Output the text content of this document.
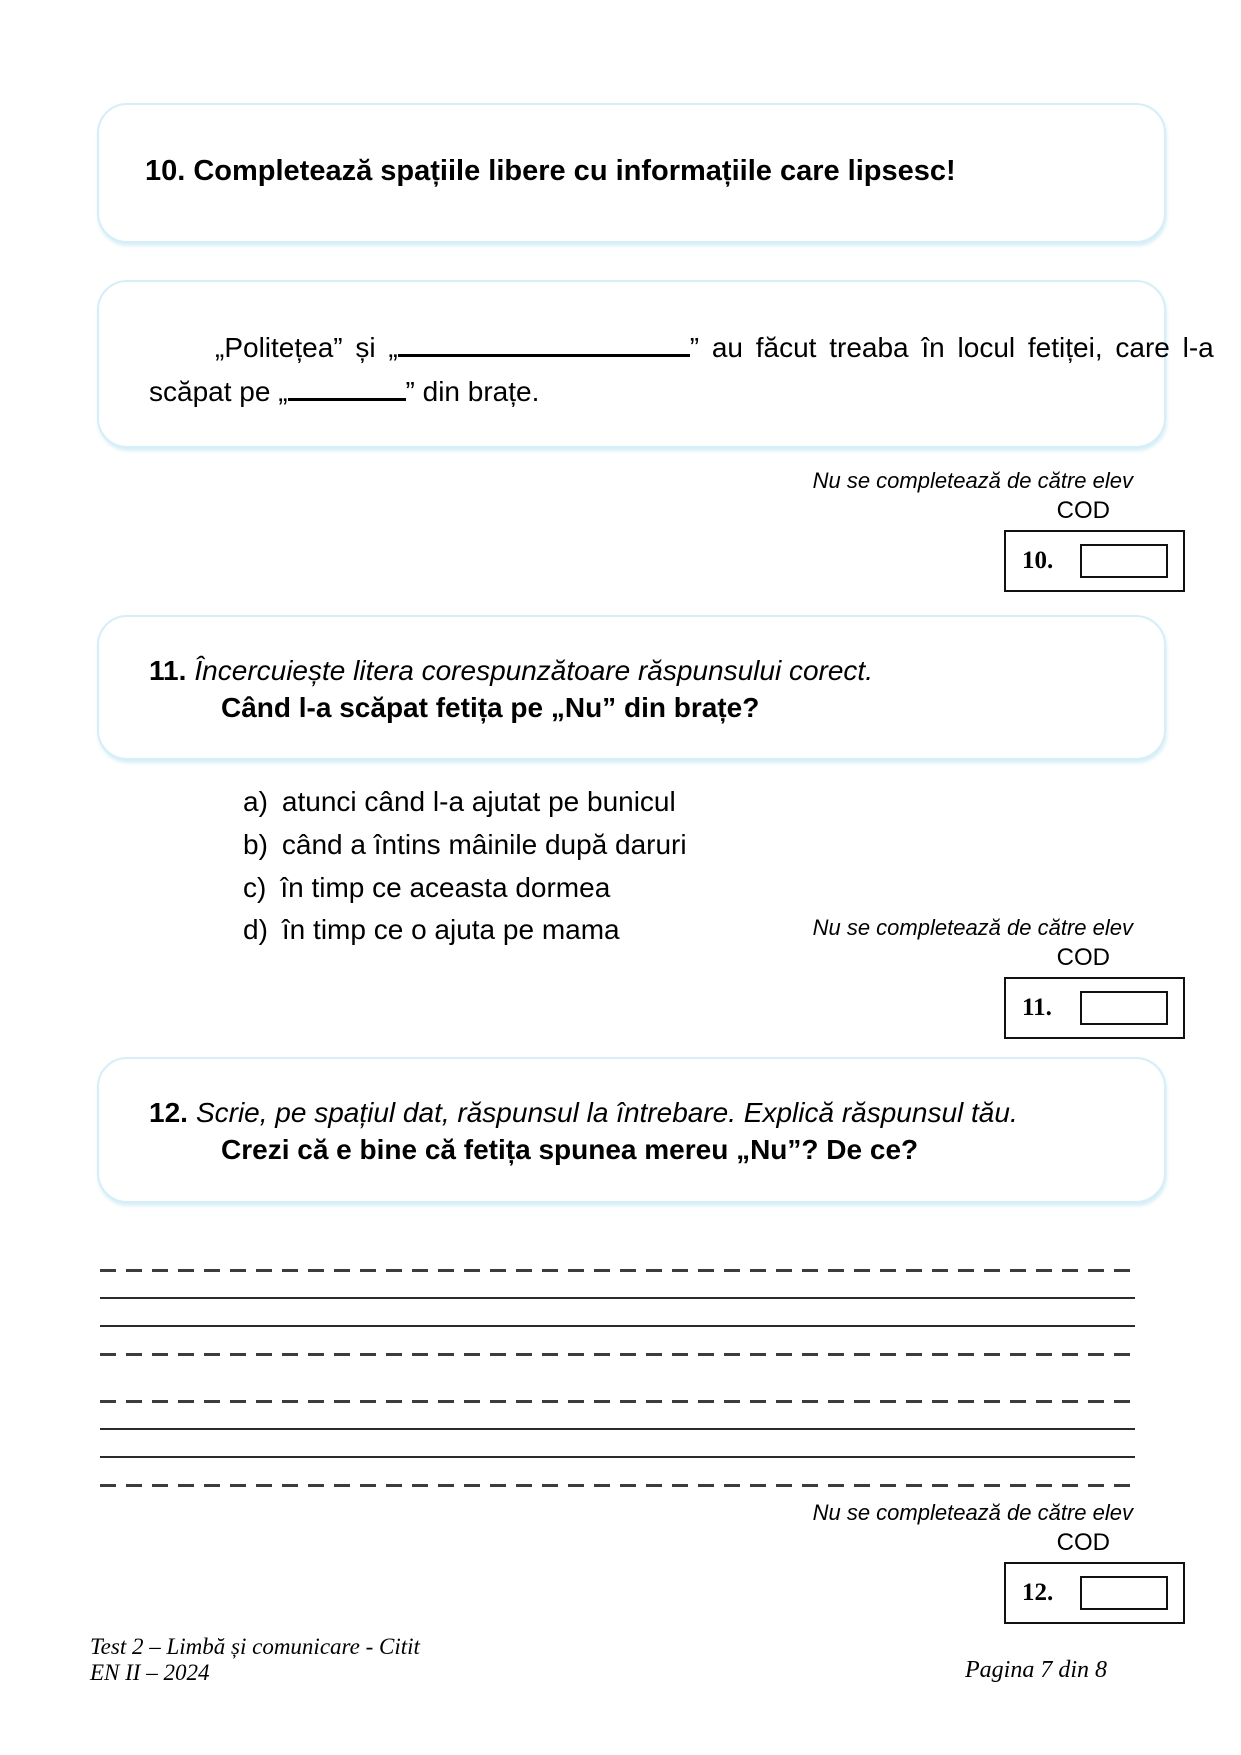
10. Completează spațiile libere cu informațiile care lipsesc!
„Politețea” și „	” au făcut treaba în locul fetiței, care l-a
scăpat pe „	” din brațe.
Nu se completează de către elev
COD
10.
11. Încercuiește litera corespunzătoare răspunsului corect.
Când l-a scăpat fetița pe „Nu” din brațe?
a) atunci când l-a ajutat pe bunicul
b) când a întins mâinile după daruri
c) în timp ce aceasta dormea
d) în timp ce o ajuta pe mama	Nu se completează de către elev
COD
11.
12. Scrie, pe spațiul dat, răspunsul la întrebare. Explică răspunsul tău.
Crezi că e bine că fetița spunea mereu „Nu”? De ce?
Nu se completează de către elev
COD
12.
Test 2 – Limbă și comunicare - Citit
EN II – 2024	Pagina 7 din 8
